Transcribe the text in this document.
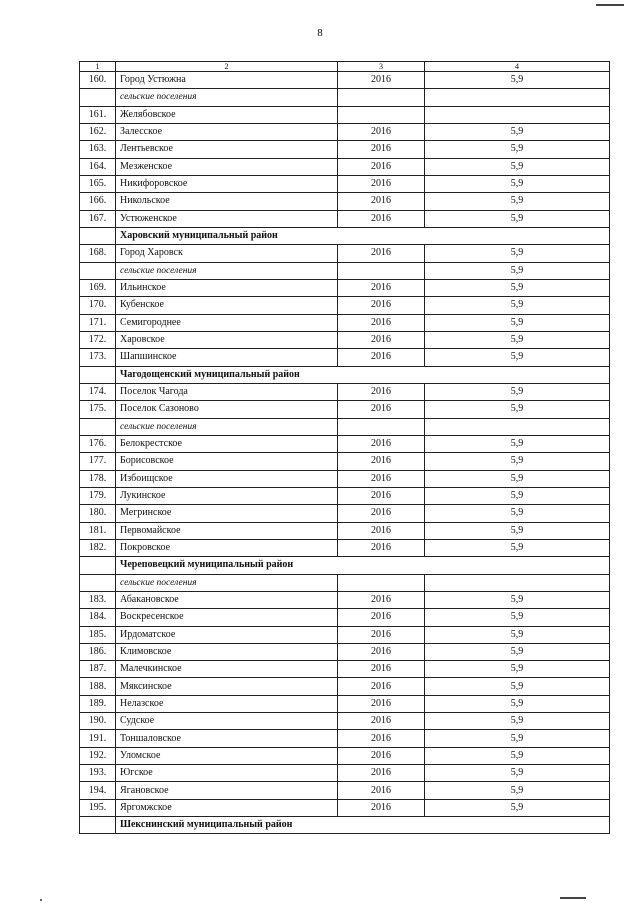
8
1	2	3	4
160.	Город Устюжна	2016	5,9
	сельские поселения		
161.	Желябовское		
162.	Залесское	2016	5,9
163.	Лентьевское	2016	5,9
164.	Мезженское	2016	5,9
165.	Никифоровское	2016	5,9
166.	Никольское	2016	5,9
167.	Устюженское	2016	5,9
	Харовский муниципальный район		
168.	Город Харовск	2016	5,9
	сельские поселения		5,9
169.	Ильинское	2016	5,9
170.	Кубенское	2016	5,9
171.	Семигороднее	2016	5,9
172.	Харовское	2016	5,9
173.	Шапшинское	2016	5,9
	Чагодощенский муниципальный район		
174.	Поселок Чагода	2016	5,9
175.	Поселок Сазоново	2016	5,9
	сельские поселения		
176.	Белокрестское	2016	5,9
177.	Борисовское	2016	5,9
178.	Избоищское	2016	5,9
179.	Лукинское	2016	5,9
180.	Мегринское	2016	5,9
181.	Первомайское	2016	5,9
182.	Покровское	2016	5,9
	Череповецкий муниципальный район		
	сельские поселения		
183.	Абакановское	2016	5,9
184.	Воскресенское	2016	5,9
185.	Ирдоматское	2016	5,9
186.	Климовское	2016	5,9
187.	Малечкинское	2016	5,9
188.	Мяксинское	2016	5,9
189.	Нелазское	2016	5,9
190.	Судское	2016	5,9
191.	Тоншаловское	2016	5,9
192.	Уломское	2016	5,9
193.	Югское	2016	5,9
194.	Ягановское	2016	5,9
195.	Яргомжское	2016	5,9
	Шекснинский муниципальный район		
